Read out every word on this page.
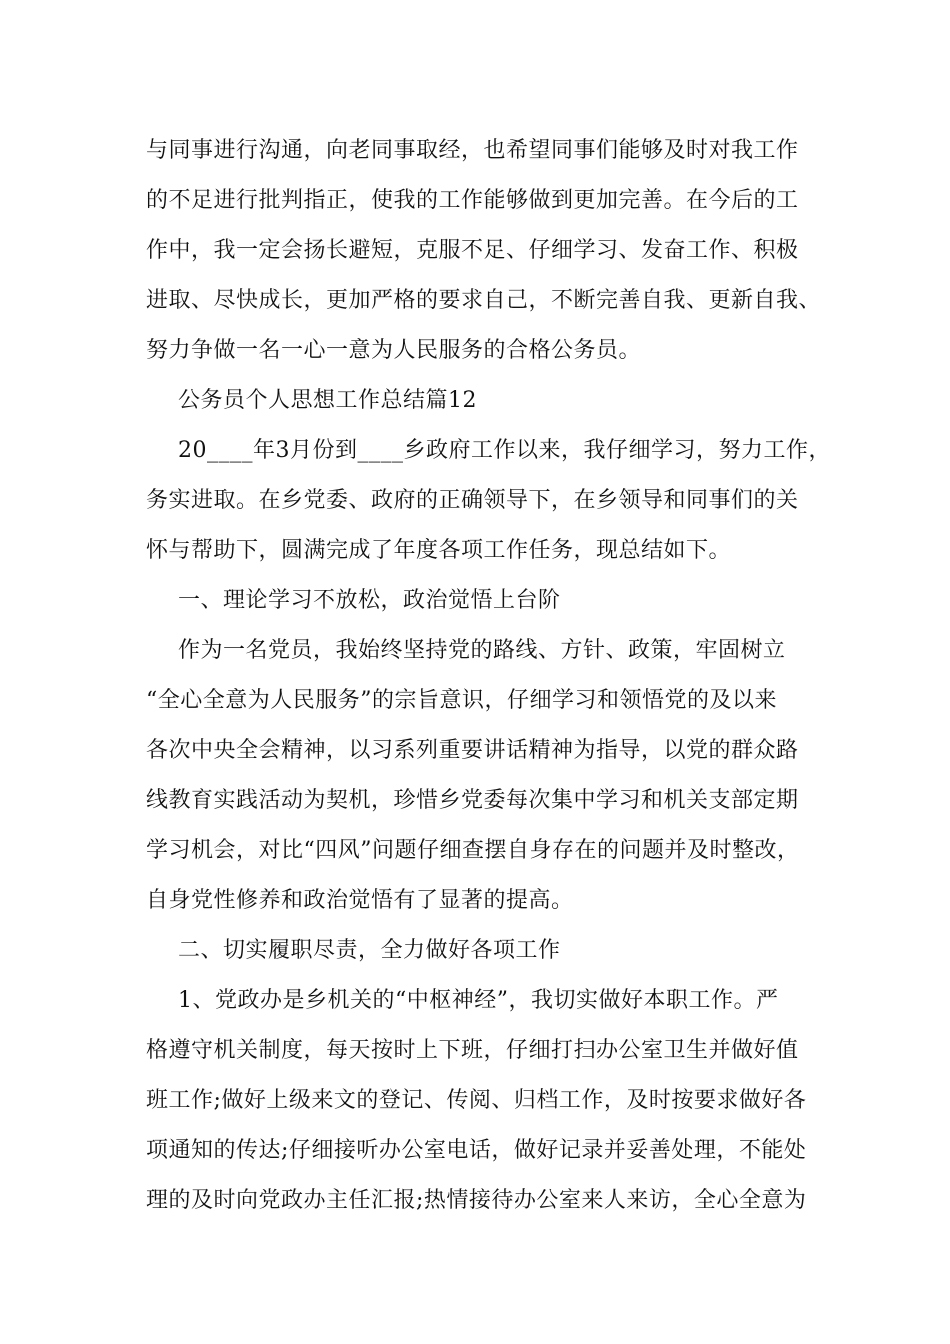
与同事进行沟通，向老同事取经，也希望同事们能够及时对我工作
的不足进行批判指正，使我的工作能够做到更加完善。在今后的工
作中，我一定会扬长避短，克服不足、仔细学习、发奋工作、积极
进取、尽快成长，更加严格的要求自己，不断完善自我、更新自我、
努力争做一名一心一意为人民服务的合格公务员。
公务员个人思想工作总结篇12
20____年3月份到____乡政府工作以来，我仔细学习，努力工作，
务实进取。在乡党委、政府的正确领导下，在乡领导和同事们的关
怀与帮助下，圆满完成了年度各项工作任务，现总结如下。
一、理论学习不放松，政治觉悟上台阶
作为一名党员，我始终坚持党的路线、方针、政策，牢固树立
“全心全意为人民服务”的宗旨意识，仔细学习和领悟党的及以来
各次中央全会精神，以习系列重要讲话精神为指导，以党的群众路
线教育实践活动为契机，珍惜乡党委每次集中学习和机关支部定期
学习机会，对比“四风”问题仔细查摆自身存在的问题并及时整改，
自身党性修养和政治觉悟有了显著的提高。
二、切实履职尽责，全力做好各项工作
1、党政办是乡机关的“中枢神经”，我切实做好本职工作。严
格遵守机关制度，每天按时上下班，仔细打扫办公室卫生并做好值
班工作;做好上级来文的登记、传阅、归档工作，及时按要求做好各
项通知的传达;仔细接听办公室电话，做好记录并妥善处理，不能处
理的及时向党政办主任汇报;热情接待办公室来人来访，全心全意为
